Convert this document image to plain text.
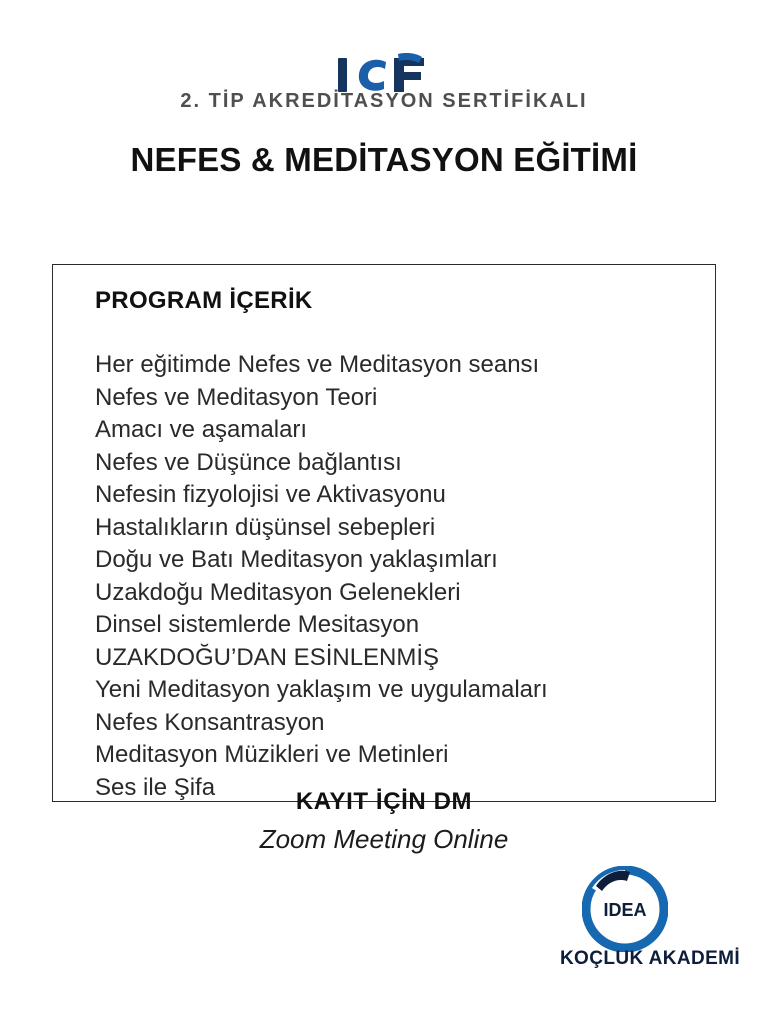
2. TİP AKREDİTASYON SERTİFİKALI
NEFES & MEDİTASYON EĞİTİMİ
PROGRAM İÇERİK
Her eğitimde Nefes ve Meditasyon seansı
Nefes ve Meditasyon Teori
Amacı ve aşamaları
Nefes ve Düşünce bağlantısı
Nefesin fizyolojisi ve Aktivasyonu
Hastalıkların düşünsel sebepleri
Doğu ve Batı Meditasyon yaklaşımları
Uzakdoğu Meditasyon Gelenekleri
Dinsel sistemlerde Mesitasyon
UZAKDOĞU’DAN ESİNLENMİŞ
Yeni Meditasyon yaklaşım ve uygulamaları
Nefes Konsantrasyon
Meditasyon Müzikleri ve Metinleri
Ses ile Şifa
KAYIT İÇİN DM
Zoom Meeting Online
IDEA
KOÇLUK AKADEMİ
